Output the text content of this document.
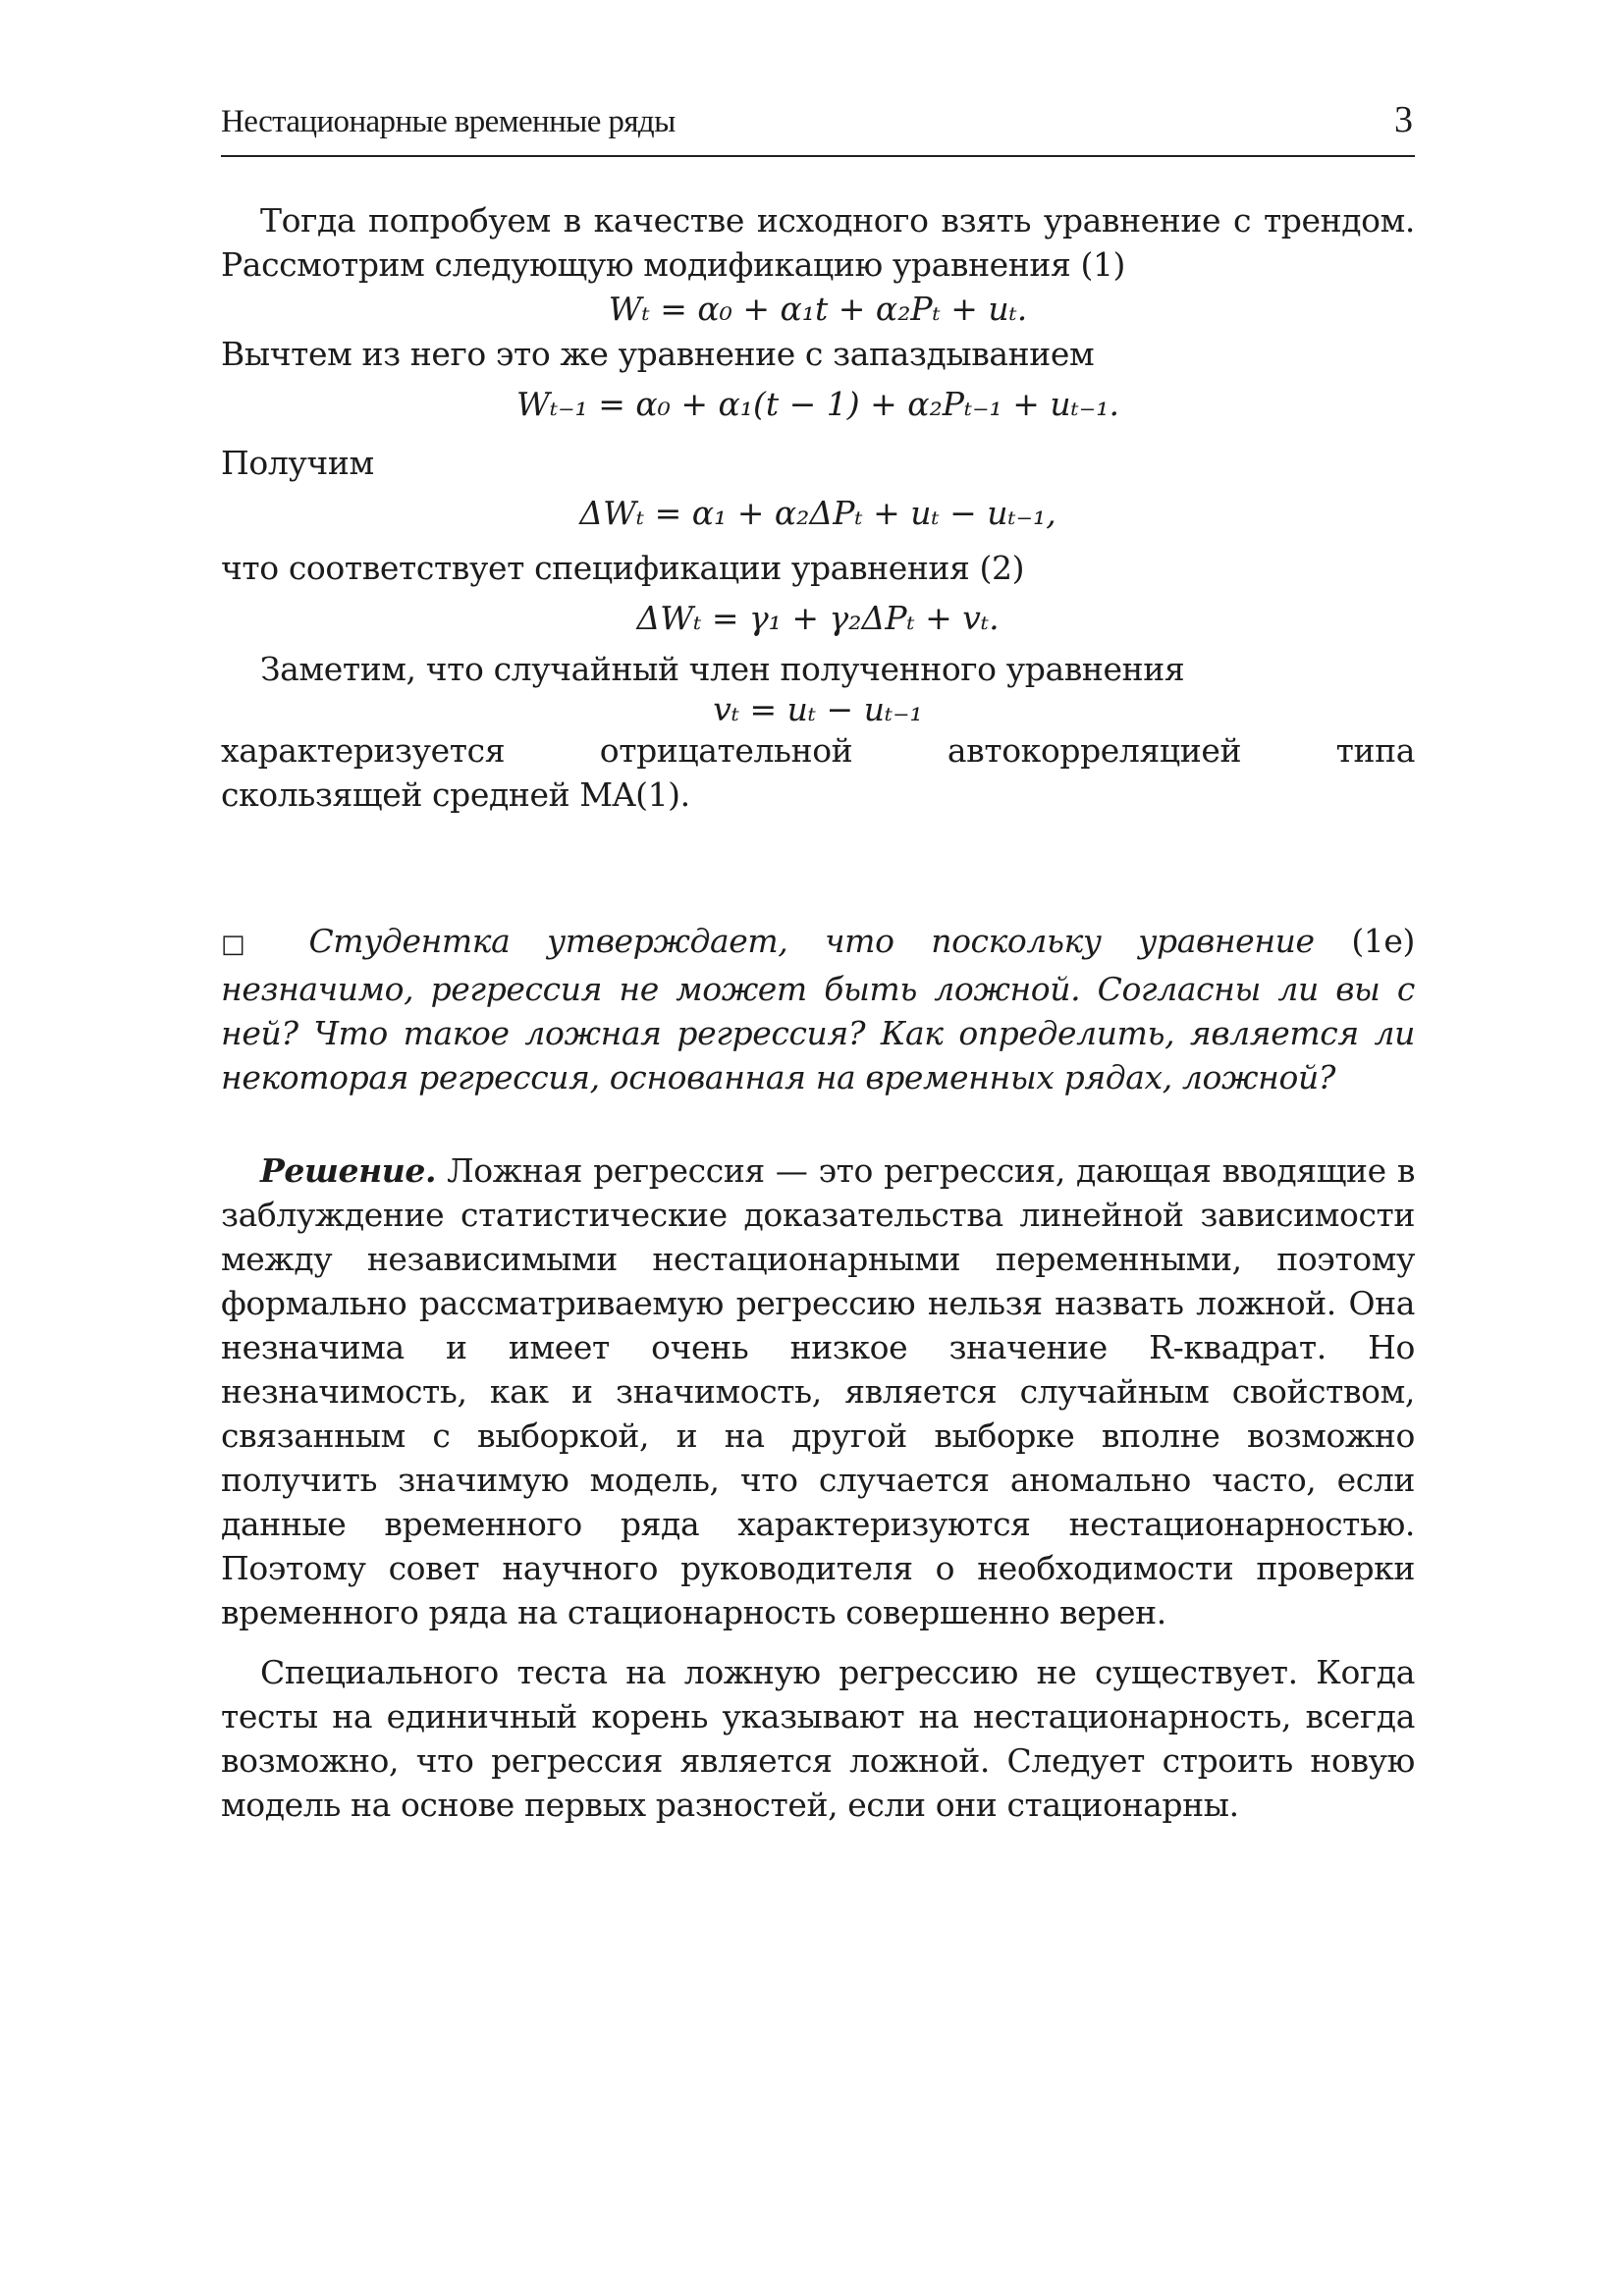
Нестационарные временные ряды	3

Тогда попробуем в качестве исходного взять уравнение с трендом.

Рассмотрим следующую модификацию уравнения (1)

Wₜ = α₀ + α₁t + α₂Pₜ + uₜ.

Вычтем из него это же уравнение с запаздыванием

Wₜ₋₁ = α₀ + α₁(t − 1) + α₂Pₜ₋₁ + uₜ₋₁.

Получим

ΔWₜ = α₁ + α₂ΔPₜ + uₜ − uₜ₋₁,

что соответствует спецификации уравнения (2)

ΔWₜ = γ₁ + γ₂ΔPₜ + vₜ.

Заметим, что случайный член полученного уравнения

vₜ = uₜ − uₜ₋₁

характеризуется отрицательной автокорреляцией типа

скользящей средней MA(1).

□ Студентка утверждает, что поскольку уравнение (1e) незначимо, регрессия не может быть ложной. Согласны ли вы с ней? Что такое ложная регрессия? Как определить, является ли некоторая регрессия, основанная на временных рядах, ложной?

Решение. Ложная регрессия — это регрессия, дающая вводящие в заблуждение статистические доказательства линейной зависимости между независимыми нестационарными переменными, поэтому формально рассматриваемую регрессию нельзя назвать ложной. Она незначима и имеет очень низкое значение R-квадрат. Но незначимость, как и значимость, является случайным свойством, связанным с выборкой, и на другой выборке вполне возможно получить значимую модель, что случается аномально часто, если данные временного ряда характеризуются нестационарностью. Поэтому совет научного руководителя о необходимости проверки временного ряда на стационарность совершенно верен.

Специального теста на ложную регрессию не существует. Когда тесты на единичный корень указывают на нестационарность, всегда возможно, что регрессия является ложной. Следует строить новую модель на основе первых разностей, если они стационарны.
